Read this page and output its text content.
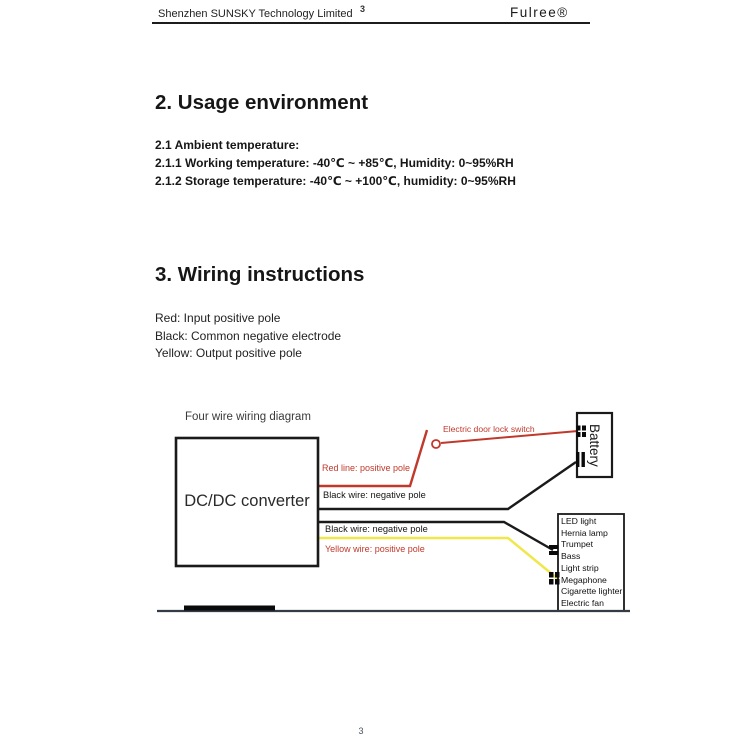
Shenzhen SUNSKY Technology Limited 3	Fulree®
2. Usage environment
2.1 Ambient temperature:
2.1.1 Working temperature: -40℃ ~ +85℃, Humidity: 0~95%RH
2.1.2 Storage temperature: -40℃ ~ +100℃, humidity: 0~95%RH
3. Wiring instructions
Red: Input positive pole
Black: Common negative electrode
Yellow: Output positive pole
Four wire wiring diagram
DC/DC converter
Battery
Electric door lock switch
Red line: positive pole
Black wire: negative pole
Black wire: negative pole
Yellow wire: positive pole
LED light
Hernia lamp
Trumpet
Bass
Light strip
Megaphone
Cigarette lighter
Electric fan
3
